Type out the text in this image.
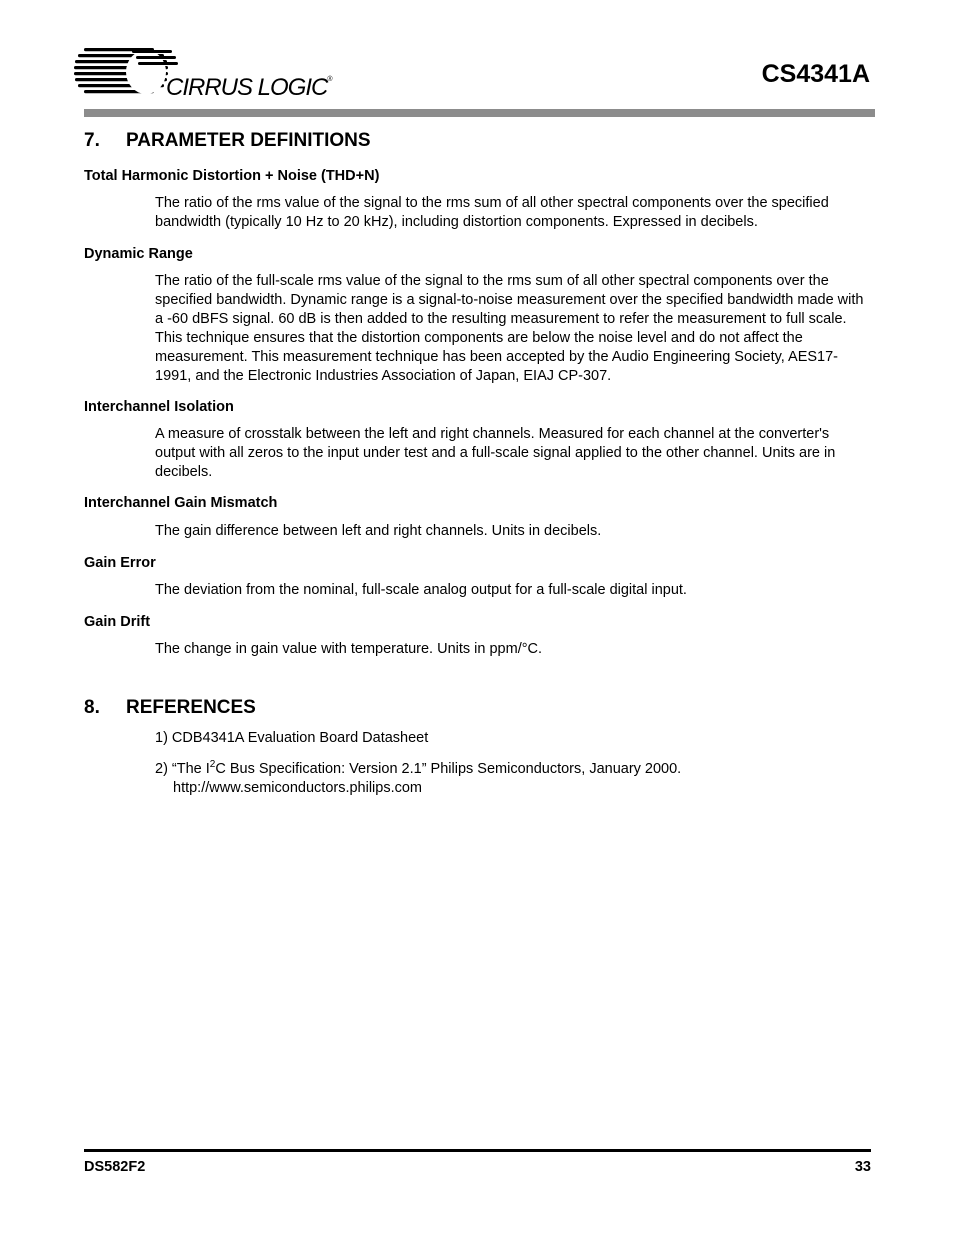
CIRRUS LOGIC®	CS4341A
7. PARAMETER DEFINITIONS
Total Harmonic Distortion + Noise (THD+N)
The ratio of the rms value of the signal to the rms sum of all other spectral components over the specified bandwidth (typically 10 Hz to 20 kHz), including distortion components. Expressed in decibels.
Dynamic Range
The ratio of the full-scale rms value of the signal to the rms sum of all other spectral components over the specified bandwidth. Dynamic range is a signal-to-noise measurement over the specified bandwidth made with a -60 dBFS signal. 60 dB is then added to the resulting measurement to refer the measurement to full scale. This technique ensures that the distortion components are below the noise level and do not affect the measurement. This measurement technique has been accepted by the Audio Engineering Society, AES17-1991, and the Electronic Industries Association of Japan, EIAJ CP-307.
Interchannel Isolation
A measure of crosstalk between the left and right channels. Measured for each channel at the converter's output with all zeros to the input under test and a full-scale signal applied to the other channel. Units are in decibels.
Interchannel Gain Mismatch
The gain difference between left and right channels. Units in decibels.
Gain Error
The deviation from the nominal, full-scale analog output for a full-scale digital input.
Gain Drift
The change in gain value with temperature. Units in ppm/°C.
8. REFERENCES
1) CDB4341A Evaluation Board Datasheet
2) “The $I^2C$ Bus Specification: Version 2.1” Philips Semiconductors, January 2000.
http://www.semiconductors.philips.com
DS582F2	33
